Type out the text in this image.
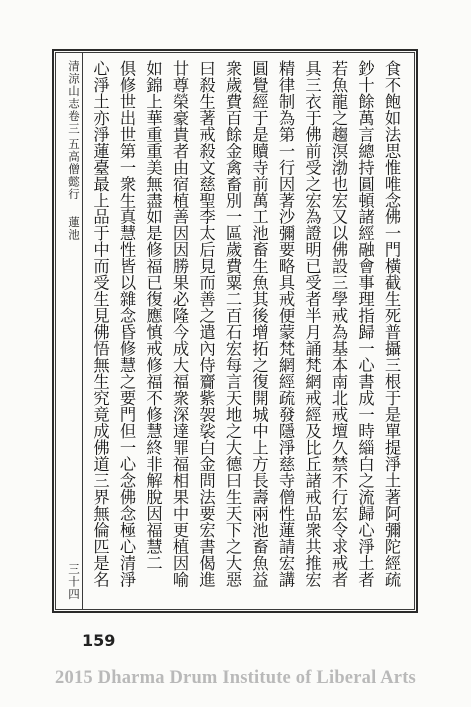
清涼山志卷三
五高僧懿行
蓮池
三十四	食不飽如法思惟唯念佛一門橫截生死普攝三根于是單提淨土著阿彌陀經疏

鈔十餘萬言總持圓頓諸經融會事理指歸一心書成一時緇白之流歸心淨土者

若魚龍之趨溟渤也宏又以佛設三學戒為基本南北戒壇久禁不行宏令求戒者

具三衣于佛前受之宏為證明已受者半月誦梵網戒經及比丘諸戒品衆共推宏

精律制為第一行因著沙彌要略具戒便蒙梵網經疏發隱淨慈寺僧性蓮請宏講

圓覺經于是贖寺前萬工池畜生魚其後增拓之復開城中上方長壽兩池畜魚益

衆歲費百餘金禽畜別一區歲費粟二百石宏每言天地之大德曰生天下之大惡

曰殺生著戒殺文慈聖李太后見而善之遣內侍齎紫袈裟白金問法要宏書偈進

廿尊榮豪貴者由宿植善因因勝果必隆今成大福衆深達罪福相果中更植因喻

如錦上華重重美無盡如是修福已復應慎戒修福不修慧終非解脫因福慧二

俱修世出世第一衆生真慧性皆以雜念昏修慧之要門但一心念佛念極心清淨

心淨土亦淨蓮臺最上品于中而受生見佛悟無生究竟成佛道三界無倫匹是名

159
2015 Dharma Drum Institute of Liberal Arts
